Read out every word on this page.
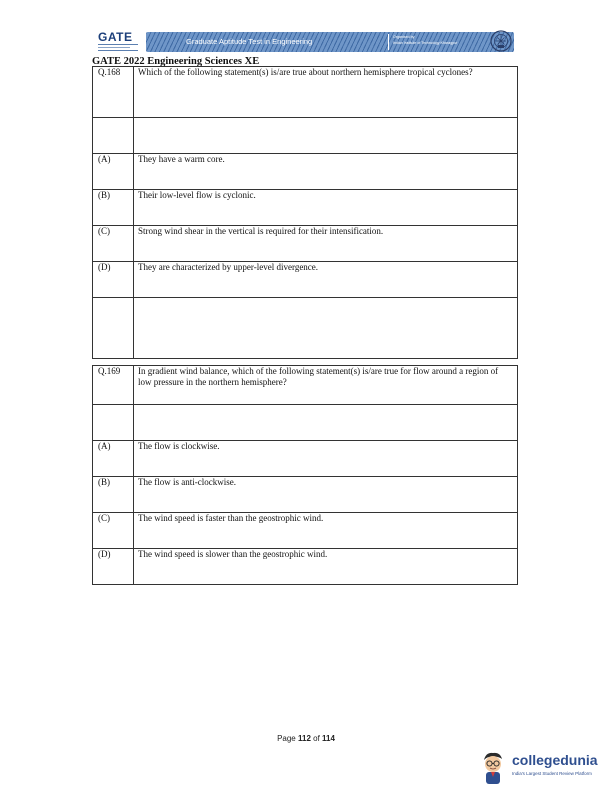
GATE	Graduate Aptitude Test in Engineering	Organised by
Indian Institute of Technology Kharagpur
GATE 2022 Engineering Sciences XE
Q.168	Which of the following statement(s) is/are true about northern hemisphere tropical cyclones?

(A)	They have a warm core.
(B)	Their low-level flow is cyclonic.
(C)	Strong wind shear in the vertical is required for their intensification.
(D)	They are characterized by upper-level divergence.

Q.169	In gradient wind balance, which of the following statement(s) is/are true for flow around a region of low pressure in the northern hemisphere?

(A)	The flow is clockwise.
(B)	The flow is anti-clockwise.
(C)	The wind speed is faster than the geostrophic wind.
(D)	The wind speed is slower than the geostrophic wind.
Page 112 of 114
collegedunia
India's Largest Student Review Platform
